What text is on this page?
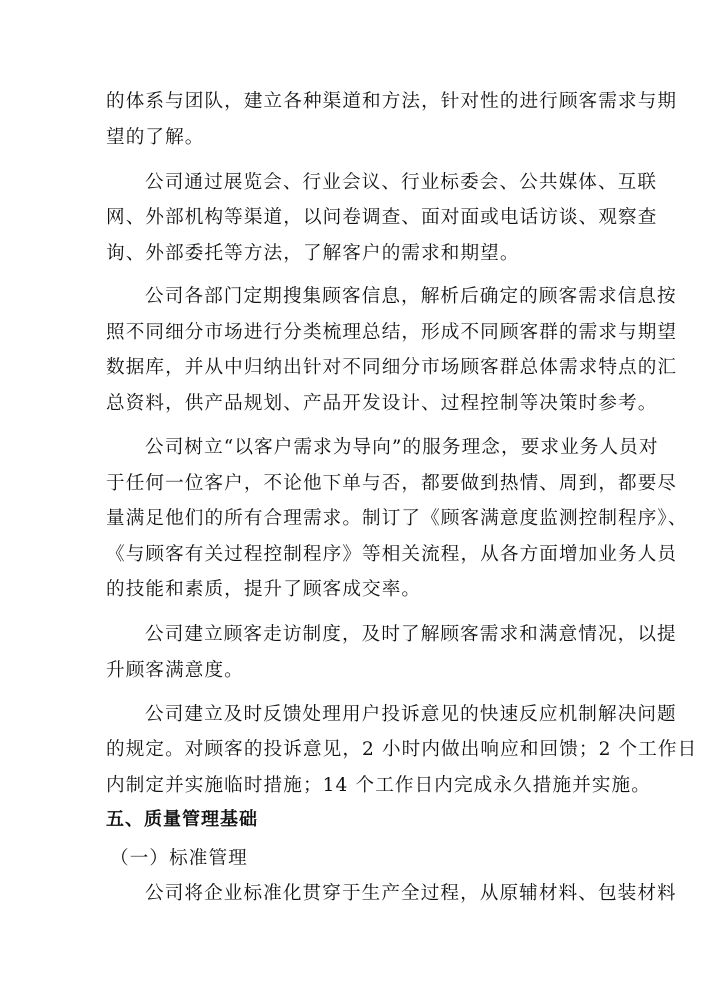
的体系与团队，建立各种渠道和方法，针对性的进行顾客需求与期
望的了解。
公司通过展览会、行业会议、行业标委会、公共媒体、互联
网、外部机构等渠道，以问卷调查、面对面或电话访谈、观察查
询、外部委托等方法，了解客户的需求和期望。
公司各部门定期搜集顾客信息，解析后确定的顾客需求信息按
照不同细分市场进行分类梳理总结，形成不同顾客群的需求与期望
数据库，并从中归纳出针对不同细分市场顾客群总体需求特点的汇
总资料，供产品规划、产品开发设计、过程控制等决策时参考。
公司树立“以客户需求为导向”的服务理念，要求业务人员对
于任何一位客户，不论他下单与否，都要做到热情、周到，都要尽
量满足他们的所有合理需求。制订了《顾客满意度监测控制程序》、
《与顾客有关过程控制程序》等相关流程，从各方面增加业务人员
的技能和素质，提升了顾客成交率。
公司建立顾客走访制度，及时了解顾客需求和满意情况，以提
升顾客满意度。
公司建立及时反馈处理用户投诉意见的快速反应机制解决问题
的规定。对顾客的投诉意见，2 小时内做出响应和回馈；2 个工作日
内制定并实施临时措施；14 个工作日内完成永久措施并实施。
五、质量管理基础
（一）标准管理
公司将企业标准化贯穿于生产全过程，从原辅材料、包装材料
